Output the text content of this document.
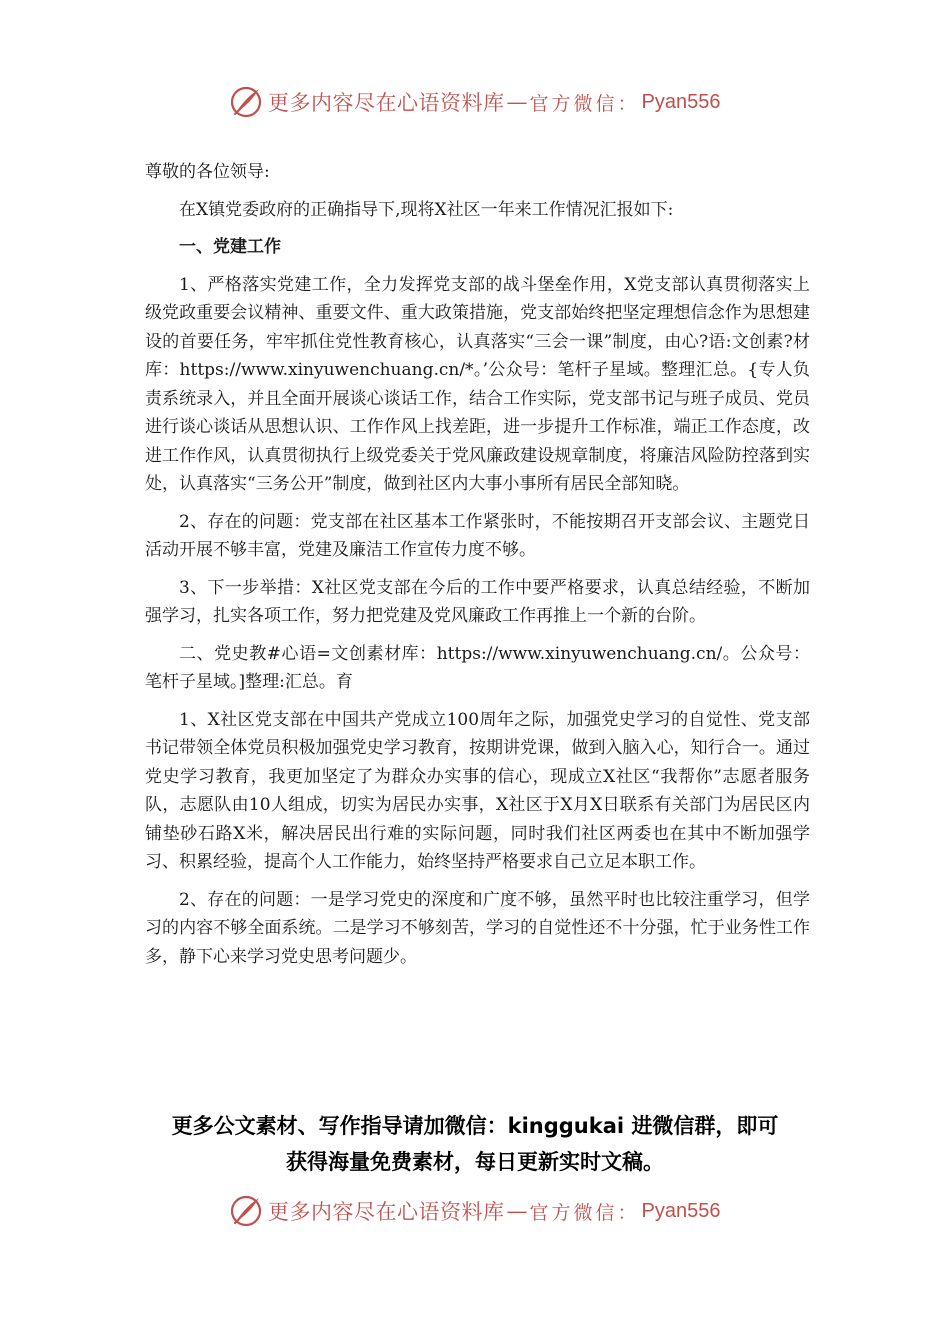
更多内容尽在心语资料库 — 官方微信： Pyan556

尊敬的各位领导:

在X镇党委政府的正确指导下,现将X社区一年来工作情况汇报如下:

一、党建工作

1、严格落实党建工作，全力发挥党支部的战斗堡垒作用，X党支部认真贯彻落实上级党政重要会议精神、重要文件、重大政策措施，党支部始终把坚定理想信念作为思想建设的首要任务，牢牢抓住党性教育核心，认真落实“三会一课”制度，由心?语:文创素?材库：https://www.xinyuwenchuang.cn/*。’公众号：笔杆子星域。整理汇总。{专人负责系统录入，并且全面开展谈心谈话工作，结合工作实际，党支部书记与班子成员、党员进行谈心谈话从思想认识、工作作风上找差距，进一步提升工作标准，端正工作态度，改进工作作风，认真贯彻执行上级党委关于党风廉政建设规章制度，将廉洁风险防控落到实处，认真落实“三务公开”制度，做到社区内大事小事所有居民全部知晓。

2、存在的问题：党支部在社区基本工作紧张时，不能按期召开支部会议、主题党日活动开展不够丰富，党建及廉洁工作宣传力度不够。

3、下一步举措：X社区党支部在今后的工作中要严格要求，认真总结经验，不断加强学习，扎实各项工作，努力把党建及党风廉政工作再推上一个新的台阶。

二、党史教#心语=文创素材库：https://www.xinyuwenchuang.cn/。公众号：笔杆子星域。]整理:汇总。育

1、X社区党支部在中国共产党成立100周年之际，加强党史学习的自觉性、党支部书记带领全体党员积极加强党史学习教育，按期讲党课，做到入脑入心，知行合一。通过党史学习教育，我更加坚定了为群众办实事的信心，现成立X社区“我帮你”志愿者服务队，志愿队由10人组成，切实为居民办实事，X社区于X月X日联系有关部门为居民区内铺垫砂石路X米，解决居民出行难的实际问题，同时我们社区两委也在其中不断加强学习、积累经验，提高个人工作能力，始终坚持严格要求自己立足本职工作。

2、存在的问题：一是学习党史的深度和广度不够，虽然平时也比较注重学习，但学习的内容不够全面系统。二是学习不够刻苦，学习的自觉性还不十分强，忙于业务性工作多，静下心来学习党史思考问题少。

更多公文素材、写作指导请加微信：kinggukai 进微信群，即可
获得海量免费素材，每日更新实时文稿。
更多内容尽在心语资料库 — 官方微信： Pyan556
